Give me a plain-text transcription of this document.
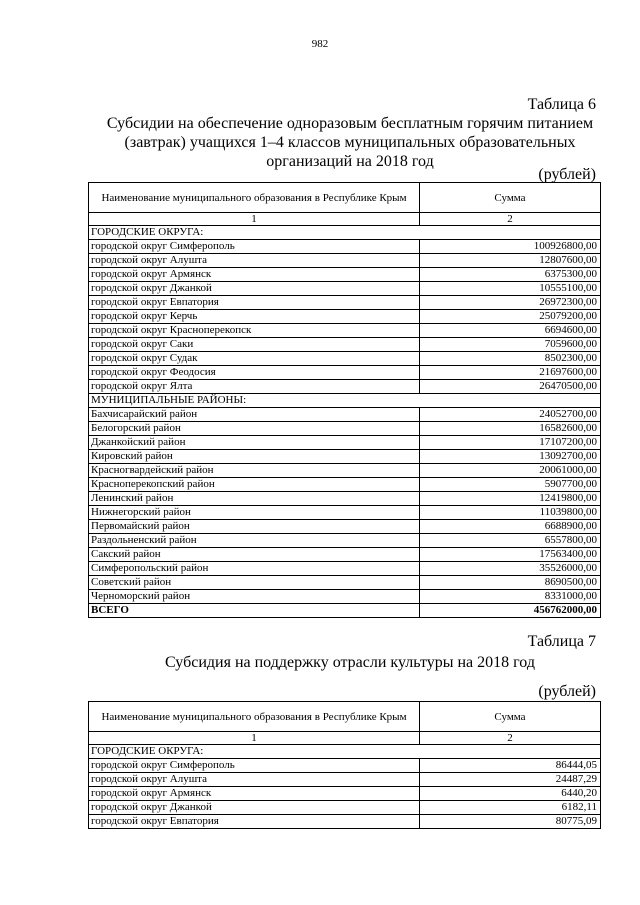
982
Таблица 6
Субсидии на обеспечение одноразовым бесплатным горячим питанием
(завтрак) учащихся 1–4 классов муниципальных образовательных
организаций на 2018 год
(рублей)
Наименование муниципального образования в Республике Крым	Сумма
1	2
ГОРОДСКИЕ ОКРУГА:	
городской округ Симферополь	100926800,00
городской округ Алушта	12807600,00
городской округ Армянск	6375300,00
городской округ Джанкой	10555100,00
городской округ Евпатория	26972300,00
городской округ Керчь	25079200,00
городской округ Красноперекопск	6694600,00
городской округ Саки	7059600,00
городской округ Судак	8502300,00
городской округ Феодосия	21697600,00
городской округ Ялта	26470500,00
МУНИЦИПАЛЬНЫЕ РАЙОНЫ:	
Бахчисарайский район	24052700,00
Белогорский район	16582600,00
Джанкойский район	17107200,00
Кировский район	13092700,00
Красногвардейский район	20061000,00
Красноперекопский район	5907700,00
Ленинский район	12419800,00
Нижнегорский район	11039800,00
Первомайский район	6688900,00
Раздольненский район	6557800,00
Сакский район	17563400,00
Симферопольский район	35526000,00
Советский район	8690500,00
Черноморский район	8331000,00
ВСЕГО	456762000,00
Таблица 7
Субсидия на поддержку отрасли культуры на 2018 год
(рублей)
Наименование муниципального образования в Республике Крым	Сумма
1	2
ГОРОДСКИЕ ОКРУГА:	
городской округ Симферополь	86444,05
городской округ Алушта	24487,29
городской округ Армянск	6440,20
городской округ Джанкой	6182,11
городской округ Евпатория	80775,09
